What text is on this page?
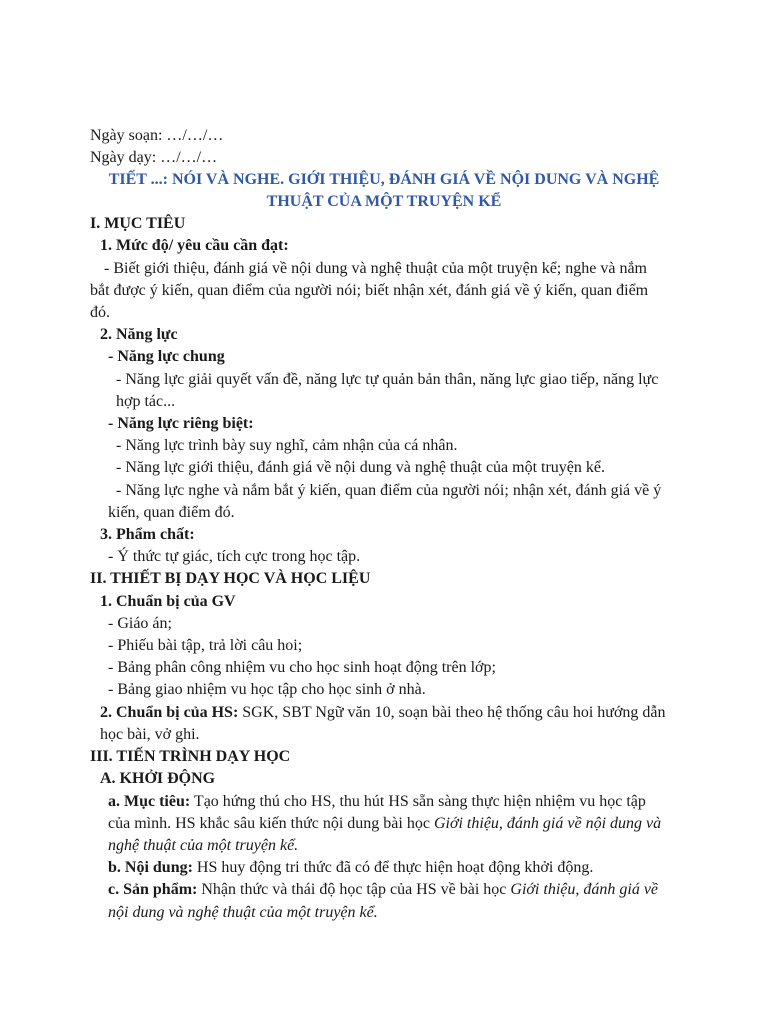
Ngày soạn: …/…/…
Ngày dạy: …/…/…
TIẾT ...: NÓI VÀ NGHE. GIỚI THIỆU, ĐÁNH GIÁ VỀ NỘI DUNG VÀ NGHỆ
THUẬT CỦA MỘT TRUYỆN KỂ
I. MỤC TIÊU
1. Mức độ/ yêu cầu cần đạt:
- Biết giới thiệu, đánh giá về nội dung và nghệ thuật của một truyện kể; nghe và nắm
bắt được ý kiến, quan điểm của người nói; biết nhận xét, đánh giá về ý kiến, quan điểm
đó.
2. Năng lực
- Năng lực chung
- Năng lực giải quyết vấn đề, năng lực tự quản bản thân, năng lực giao tiếp, năng lực
hợp tác...
- Năng lực riêng biệt:
- Năng lực trình bày suy nghĩ, cảm nhận của cá nhân.
- Năng lực giới thiệu, đánh giá về nội dung và nghệ thuật của một truyện kể.
- Năng lực nghe và nắm bắt ý kiến, quan điểm của người nói; nhận xét, đánh giá về ý
kiến, quan điểm đó.
3. Phẩm chất:
- Ý thức tự giác, tích cực trong học tập.
II. THIẾT BỊ DẠY HỌC VÀ HỌC LIỆU
1. Chuẩn bị của GV
- Giáo án;
- Phiếu bài tập, trả lời câu hoi;
- Bảng phân công nhiệm vu cho học sinh hoạt động trên lớp;
- Bảng giao nhiệm vu học tập cho học sinh ở nhà.
2. Chuẩn bị của HS: SGK, SBT Ngữ văn 10, soạn bài theo hệ thống câu hoi hướng dẫn
học bài, vở ghi.
III. TIẾN TRÌNH DẠY HỌC
A. KHỞI ĐỘNG
a. Mục tiêu: Tạo hứng thú cho HS, thu hút HS sẵn sàng thực hiện nhiệm vu học tập
của mình. HS khắc sâu kiến thức nội dung bài học Giới thiệu, đánh giá về nội dung và
nghệ thuật của một truyện kể.
b. Nội dung: HS huy động tri thức đã có để thực hiện hoạt động khởi động.
c. Sản phẩm: Nhận thức và thái độ học tập của HS về bài học Giới thiệu, đánh giá về
nội dung và nghệ thuật của một truyện kể.
